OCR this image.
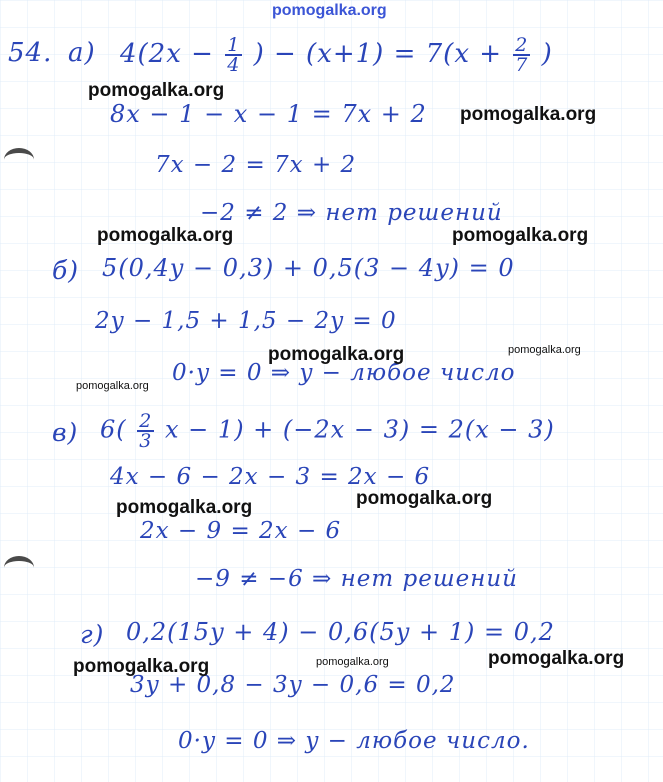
pomogalka.org
54. а) $4(2x - \frac{1}{4}$ ) − $(x+1) = 7(x + \frac{2}{7}$ )
8x − 1 − x − 1 = 7x + 2
7x − 2 = 7x + 2
−2 ≠ 2 ⇒ нет решений
б) 5(0,4y − 0,3) + 0,5(3 − 4y) = 0
2y − 1,5 + 1,5 − 2y = 0
0·y = 0 ⇒ y − любое число
в) $6( \frac{2}{3}$ x − 1) + (−2x − 3) = 2(x − 3)
4x − 6 − 2x − 3 = 2x − 6
2x − 9 = 2x − 6
−9 ≠ −6 ⇒ нет решений
г) 0,2(15y + 4) − 0,6(5y + 1) = 0,2
3y + 0,8 − 3y − 0,6 = 0,2
0·y = 0 ⇒ y − любое число.
pomogalka.org
pomogalka.org
pomogalka.org	pomogalka.org
pomogalka.org	pomogalka.org
pomogalka.org
pomogalka.org	pomogalka.org
pomogalka.org	pomogalka.org	pomogalka.org
